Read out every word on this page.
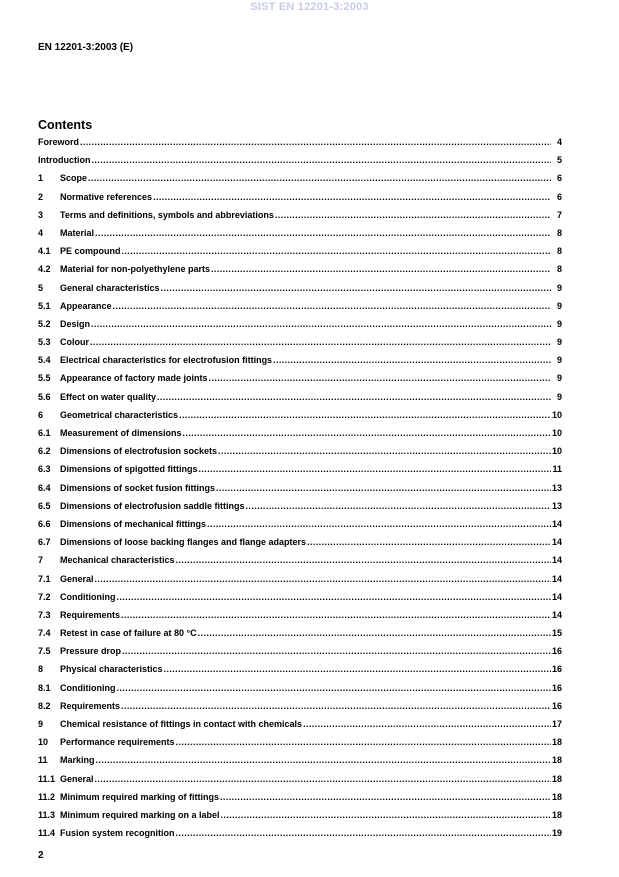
SIST EN 12201-3:2003
EN 12201-3:2003 (E)
Contents
Foreword .....	4
Introduction .....	5
1	Scope .....	6
2	Normative references .....	6
3	Terms and definitions, symbols and abbreviations .....	7
4	Material .....	8
4.1	PE compound .....	8
4.2	Material for non-polyethylene parts .....	8
5	General characteristics .....	9
5.1	Appearance .....	9
5.2	Design .....	9
5.3	Colour .....	9
5.4	Electrical characteristics for electrofusion fittings .....	9
5.5	Appearance of factory made joints .....	9
5.6	Effect on water quality .....	9
6	Geometrical characteristics .....	10
6.1	Measurement of dimensions .....	10
6.2	Dimensions of electrofusion sockets .....	10
6.3	Dimensions of spigotted fittings .....	11
6.4	Dimensions of socket fusion fittings .....	13
6.5	Dimensions of electrofusion saddle fittings .....	13
6.6	Dimensions of mechanical fittings .....	14
6.7	Dimensions of loose backing flanges and flange adapters .....	14
7	Mechanical characteristics .....	14
7.1	General .....	14
7.2	Conditioning .....	14
7.3	Requirements .....	14
7.4	Retest in case of failure at 80 °C .....	15
7.5	Pressure drop .....	16
8	Physical characteristics .....	16
8.1	Conditioning .....	16
8.2	Requirements .....	16
9	Chemical resistance of fittings in contact with chemicals .....	17
10	Performance requirements .....	18
11	Marking .....	18
11.1 General .....	18
11.2 Minimum required marking of fittings .....	18
11.3 Minimum required marking on a label .....	18
11.4 Fusion system recognition .....	19
2
